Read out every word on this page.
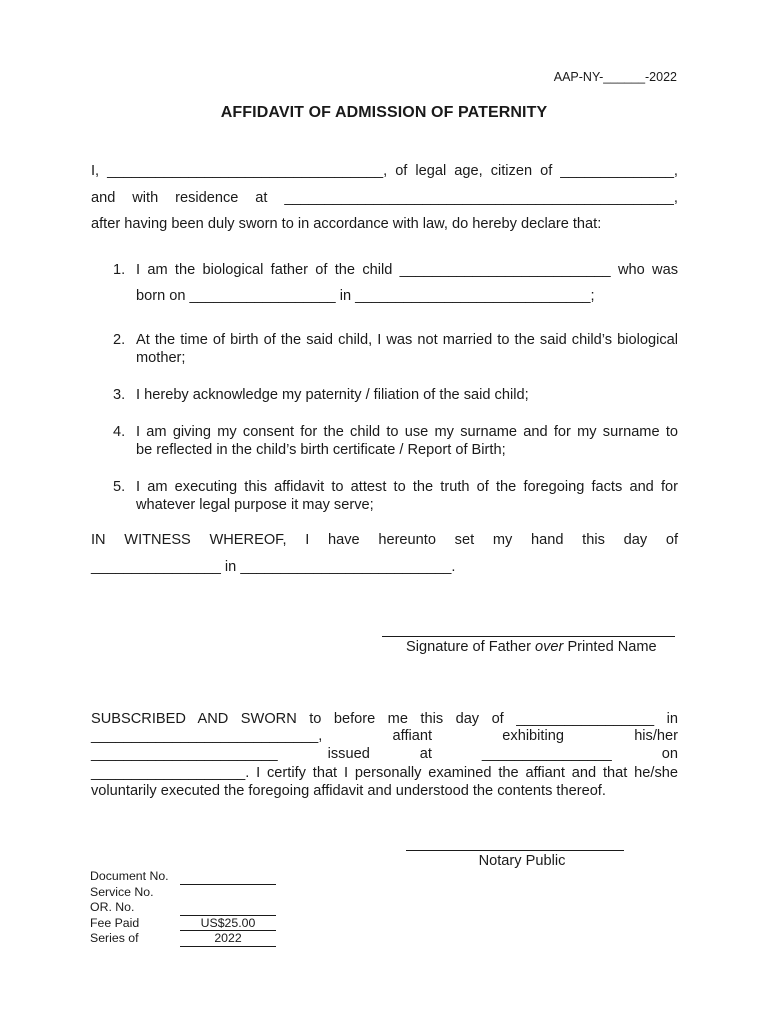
AAP-NY-______-2022
AFFIDAVIT OF ADMISSION OF PATERNITY
I, __________________________________, of legal age, citizen of ______________,
and with residence at ________________________________________________,
after having been duly sworn to in accordance with law, do hereby declare that:
1. I am the biological father of the child __________________________ who was
born on __________________ in _____________________________;
2. At the time of birth of the said child, I was not married to the said child’s biological
mother;
3. I hereby acknowledge my paternity / filiation of the said child;
4. I am giving my consent for the child to use my surname and for my surname to
be reflected in the child’s birth certificate / Report of Birth;
5. I am executing this affidavit to attest to the truth of the foregoing facts and for
whatever legal purpose it may serve;
IN WITNESS WHEREOF, I have hereunto set my hand this day of
________________ in __________________________.
Signature of Father over Printed Name
SUBSCRIBED AND SWORN to before me this day of _________________ in
____________________________, affiant exhibiting his/her
_______________________ issued at ________________ on
___________________. I certify that I personally examined the affiant and that he/she
voluntarily executed the foregoing affidavit and understood the contents thereof.
Notary Public
Document No.
Service No.
OR. No.
Fee Paid	US$25.00
Series of	2022
